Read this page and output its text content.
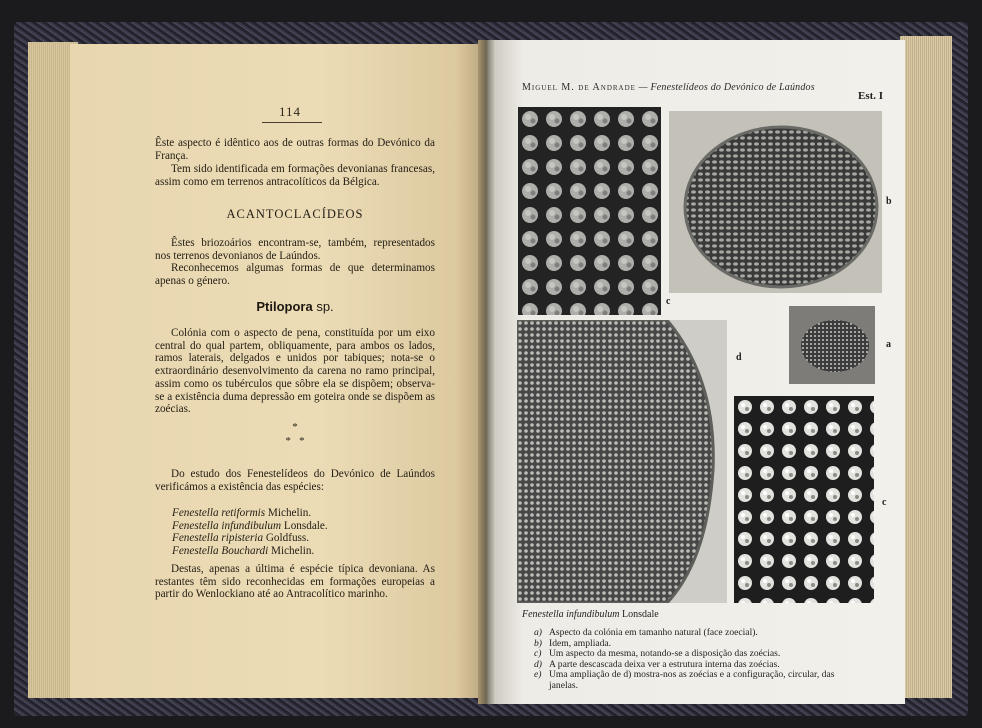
114

Êste aspecto é idêntico aos de outras formas do Devónico da França.

Tem sido identificada em formações devonianas francesas, assim como em terrenos antracolíticos da Bélgica.

ACANTOCLACÍDEOS

Êstes briozoários encontram-se, também, representados nos terrenos devonianos de Laúndos.

Reconhecemos algumas formas de que determinamos apenas o género.

Ptilopora sp.

Colónia com o aspecto de pena, constituída por um eixo central do qual partem, obliquamente, para ambos os lados, ramos laterais, delgados e unidos por tabiques; nota-se o extraordinário desenvolvimento da carena no ramo principal, assim como os tubérculos que sôbre ela se dispõem; observa-se a existência duma depressão em goteira onde se dispõem as zoécias.

*
*   *

Do estudo dos Fenestelídeos do Devónico de Laúndos verificámos a existência das espécies:

Fenestella retiformis Michelin.
Fenestella infundibulum Lonsdale.
Fenestella ripisteria Goldfuss.
Fenestella Bouchardi Michelin.

Destas, apenas a última é espécie típica devoniana. As restantes têm sido reconhecidas em formações europeias a partir do Wenlockiano até ao Antracolítico marinho.

Miguel M. de Andrade — Fenestelídeos do Devónico de Laúndos
Est. I
b
c
a
d
c
Fenestella infundibulum Lonsdale
a) Aspecto da colónia em tamanho natural (face zoecial).
b) Idem, ampliada.
c) Um aspecto da mesma, notando-se a disposição das zoécias.
d) A parte descascada deixa ver a estrutura interna das zoécias.
e) Uma ampliação de d) mostra-nos as zoécias e a configuração, circular, das janelas.
